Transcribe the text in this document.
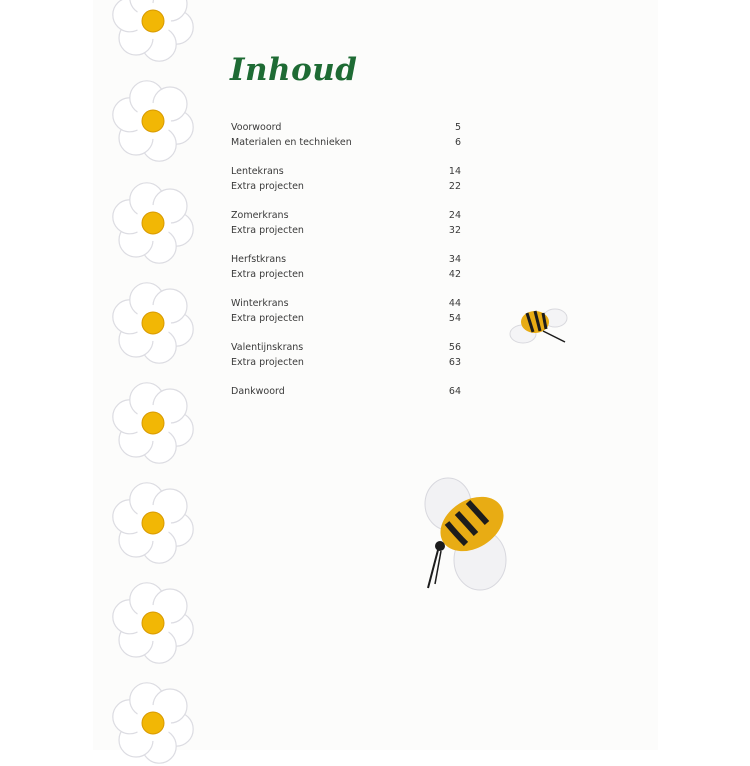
Inhoud
Voorwoord	5
Materialen en technieken	6
Lentekrans	14
Extra projecten	22
Zomerkrans	24
Extra projecten	32
Herfstkrans	34
Extra projecten	42
Winterkrans	44
Extra projecten	54
Valentijnskrans	56
Extra projecten	63
Dankwoord	64
